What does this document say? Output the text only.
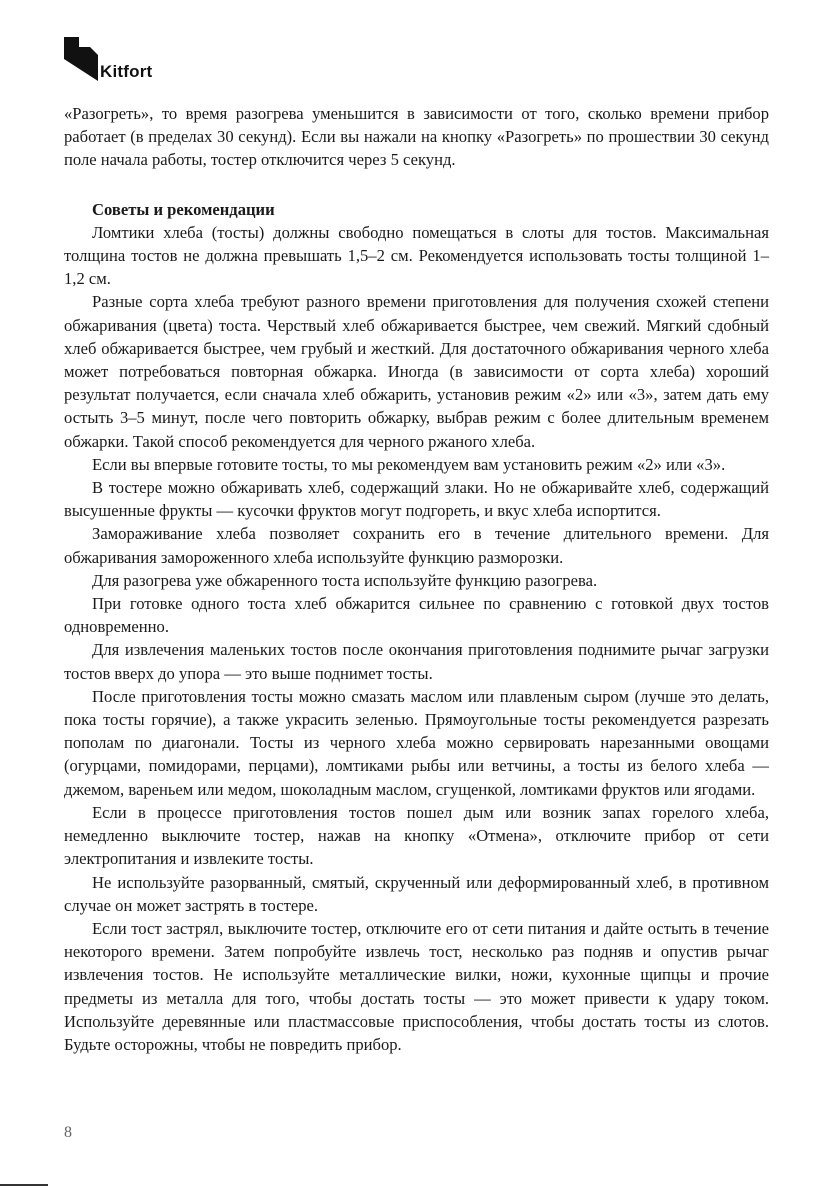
Kitfort

«Разогреть», то время разогрева уменьшится в зависимости от того, сколько времени прибор работает (в пределах 30 секунд). Если вы нажали на кнопку «Разогреть» по прошествии 30 секунд поле начала работы, тостер отключится через 5 секунд.

Советы и рекомендации

Ломтики хлеба (тосты) должны свободно помещаться в слоты для тостов. Максимальная толщина тостов не должна превышать 1,5–2 см. Рекомендуется использовать тосты толщиной 1–1,2 см.

Разные сорта хлеба требуют разного времени приготовления для получения схожей степени обжаривания (цвета) тоста. Черствый хлеб обжаривается быстрее, чем свежий. Мягкий сдобный хлеб обжаривается быстрее, чем грубый и жесткий. Для достаточного обжаривания черного хлеба может потребоваться повторная обжарка. Иногда (в зависимости от сорта хлеба) хороший результат получается, если сначала хлеб обжарить, установив режим «2» или «3», затем дать ему остыть 3–5 минут, после чего повторить обжарку, выбрав режим с более длительным временем обжарки. Такой способ рекомендуется для черного ржаного хлеба.

Если вы впервые готовите тосты, то мы рекомендуем вам установить режим «2» или «3».

В тостере можно обжаривать хлеб, содержащий злаки. Но не обжаривайте хлеб, содержащий высушенные фрукты — кусочки фруктов могут подгореть, и вкус хлеба испортится.

Замораживание хлеба позволяет сохранить его в течение длительного времени. Для обжаривания замороженного хлеба используйте функцию разморозки.

Для разогрева уже обжаренного тоста используйте функцию разогрева.

При готовке одного тоста хлеб обжарится сильнее по сравнению с готовкой двух тостов одновременно.

Для извлечения маленьких тостов после окончания приготовления поднимите рычаг загрузки тостов вверх до упора — это выше поднимет тосты.

После приготовления тосты можно смазать маслом или плавленым сыром (лучше это делать, пока тосты горячие), а также украсить зеленью. Прямоугольные тосты рекомендуется разрезать пополам по диагонали. Тосты из черного хлеба можно сервировать нарезанными овощами (огурцами, помидорами, перцами), ломтиками рыбы или ветчины, а тосты из белого хлеба — джемом, вареньем или медом, шоколадным маслом, сгущенкой, ломтиками фруктов или ягодами.

Если в процессе приготовления тостов пошел дым или возник запах горелого хлеба, немедленно выключите тостер, нажав на кнопку «Отмена», отключите прибор от сети электропитания и извлеките тосты.

Не используйте разорванный, смятый, скрученный или деформированный хлеб, в противном случае он может застрять в тостере.

Если тост застрял, выключите тостер, отключите его от сети питания и дайте остыть в течение некоторого времени. Затем попробуйте извлечь тост, несколько раз подняв и опустив рычаг извлечения тостов. Не используйте металлические вилки, ножи, кухонные щипцы и прочие предметы из металла для того, чтобы достать тосты — это может привести к удару током. Используйте деревянные или пластмассовые приспособления, чтобы достать тосты из слотов. Будьте осторожны, чтобы не повредить прибор.

8
